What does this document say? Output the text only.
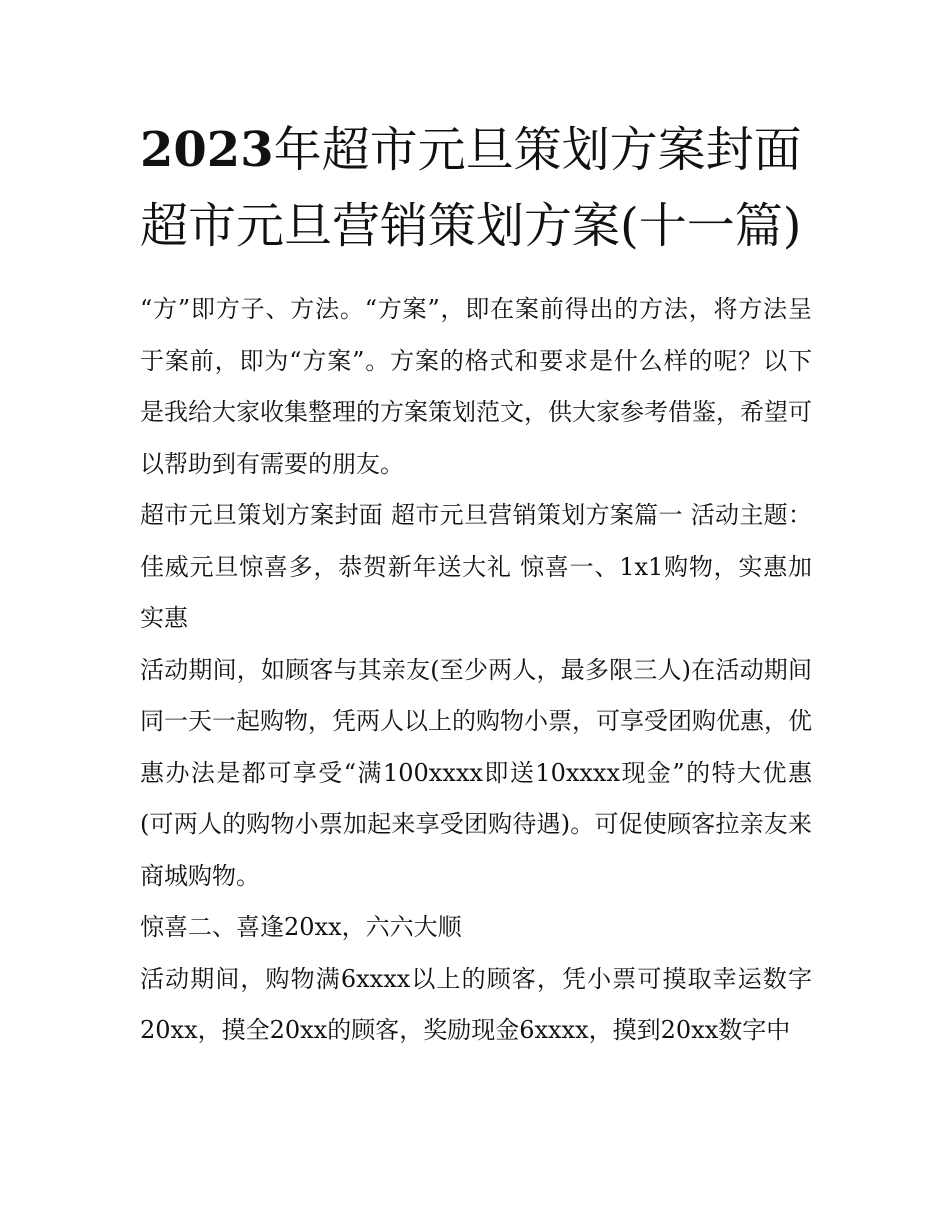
2023年超市元旦策划方案封面超市元旦营销策划方案(十一篇)

“方”即方子、方法。“方案”，即在案前得出的方法，将方法呈于案前，即为“方案”。方案的格式和要求是什么样的呢？以下是我给大家收集整理的方案策划范文，供大家参考借鉴，希望可以帮助到有需要的朋友。

超市元旦策划方案封面 超市元旦营销策划方案篇一 活动主题：佳威元旦惊喜多，恭贺新年送大礼 惊喜一、1x1购物，实惠加实惠

活动期间，如顾客与其亲友(至少两人，最多限三人)在活动期间同一天一起购物，凭两人以上的购物小票，可享受团购优惠，优惠办法是都可享受“满100xxxx即送10xxxx现金”的特大优惠(可两人的购物小票加起来享受团购待遇)。可促使顾客拉亲友来商城购物。

惊喜二、喜逢20xx，六六大顺

活动期间，购物满6xxxx以上的顾客，凭小票可摸取幸运数字20xx，摸全20xx的顾客，奖励现金6xxxx，摸到20xx数字中
